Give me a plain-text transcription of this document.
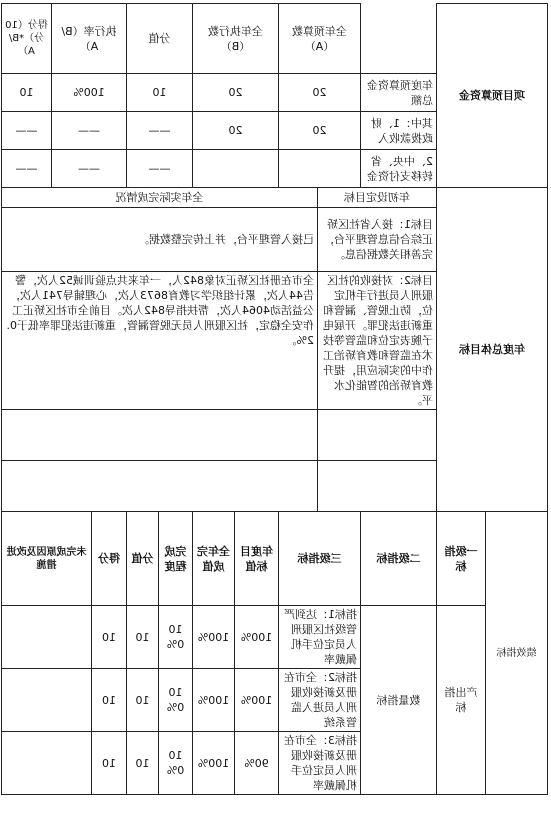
项目预算资金			全年预算数（A）		全年执行数（B）		分值		执行率（B/A）		得分（10分）*B/A）
		年度预算资金总额	20		20		10		100%		10
		其中：1、财政拨款收入	20		20		——		——		——
		2、中央、省转移支付资金					——		——		——
年度总体目标		年初设定目标		全年实际完成情况							
		目标1：接入省社区矫正综合信息管理平台，完善相关数据信息。		已接入管理平台，并上传完整数据。							
		目标2：对接收的社区服刑人员进行手机定位，防止脱管、漏管和重新违法犯罪。开展电子腕表定位和监管等技术在监管和教育矫治工作中的实际应用，提升教育矫治的智能化水平。		全市在册社区矫正对象842人，一年来共点验训诫52人次，警告44人次，累计组织学习教育8673人次，心理辅导741人次，公益活动4064人次，帮扶指导842人次。目前全市社区矫正工作安全稳定，社区服刑人员无脱管漏管，重新违法犯罪率低于0.2%。							

绩效指标	一级指标	二级指标	三级指标		年度目标值	全年完成值	完成程度	分值	得分	未完成原因及改进措施	
	产出指标	数量指标	指标1：达到严管级社区服刑人员定位手机佩戴率		100%	100%	100%	10	10		
			指标2：全市在册及新接收服刑人员进入监管系统		100%	100%	100%	10	10		
			指标3：全市在册及新接收服刑人员定位手机佩戴率		90%	100%	100%	10	10		
